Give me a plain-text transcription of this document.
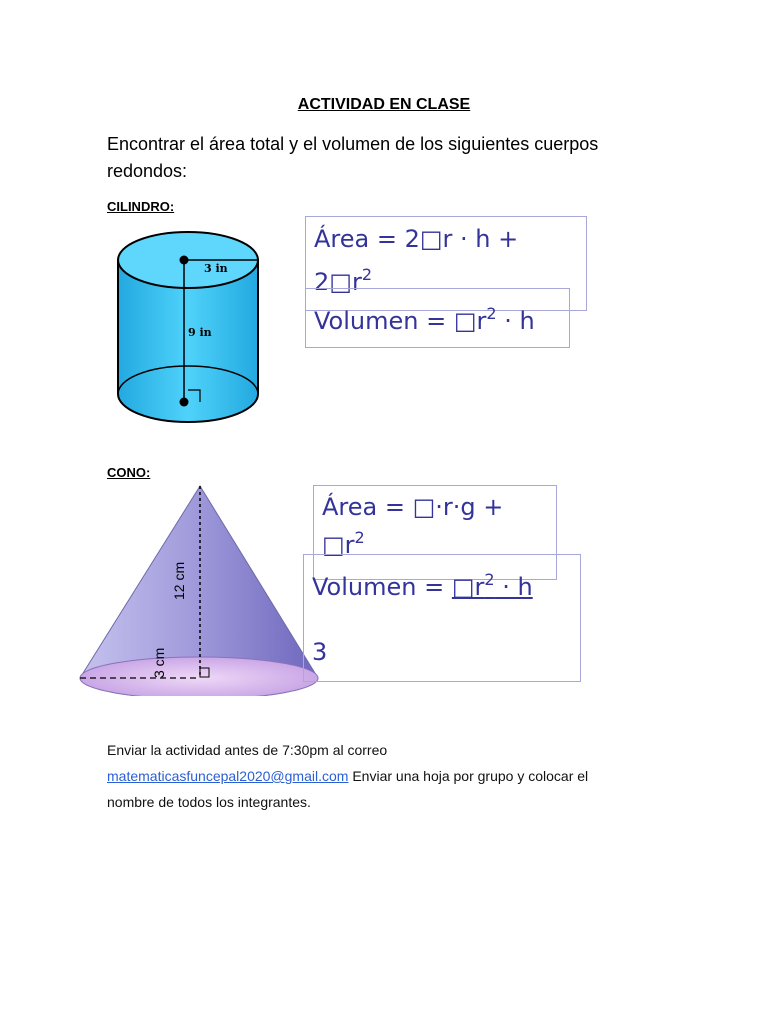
ACTIVIDAD EN CLASE
Encontrar el área total y el volumen de los siguientes cuerpos redondos:
CILINDRO:
3 in
9 in
Área = 2□r · h +
$2□r^2$
Volumen = $□r^2 \cdot h$
CONO:
12 cm
3 cm
Área = □·r·g +
$□r^2$
Volumen = $□r^2 \cdot h$
3
Enviar la actividad antes de 7:30pm al correo
matematicasfuncepal2020@gmail.com Enviar una hoja por grupo y colocar el
nombre de todos los integrantes.
